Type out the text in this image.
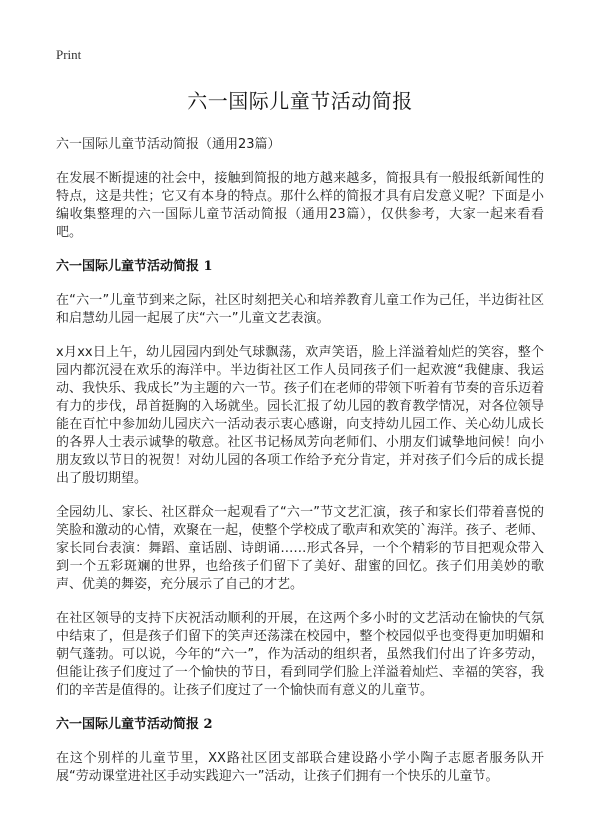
Print
六一国际儿童节活动简报
六一国际儿童节活动简报（通用23篇）

在发展不断提速的社会中，接触到简报的地方越来越多，简报具有一般报纸新闻性的特点，这是共性；它又有本身的特点。那什么样的简报才具有启发意义呢？下面是小编收集整理的六一国际儿童节活动简报（通用23篇），仅供参考，大家一起来看看吧。

六一国际儿童节活动简报 1

在“六一”儿童节到来之际，社区时刻把关心和培养教育儿童工作为己任，半边街社区和启慧幼儿园一起展了庆“六一”儿童文艺表演。

x月xx日上午，幼儿园园内到处气球飘荡，欢声笑语，脸上洋溢着灿烂的笑容，整个园内都沉浸在欢乐的海洋中。半边街社区工作人员同孩子们一起欢渡“我健康、我运动、我快乐、我成长”为主题的六一节。孩子们在老师的带领下听着有节奏的音乐迈着有力的步伐，昂首挺胸的入场就坐。园长汇报了幼儿园的教育教学情况，对各位领导能在百忙中参加幼儿园庆六一活动表示衷心感谢，向支持幼儿园工作、关心幼儿成长的各界人士表示诚挚的敬意。社区书记杨凤芳向老师们、小朋友们诚挚地问候！向小朋友致以节日的祝贺！对幼儿园的各项工作给予充分肯定，并对孩子们今后的成长提出了殷切期望。

全园幼儿、家长、社区群众一起观看了“六一”节文艺汇演，孩子和家长们带着喜悦的笑脸和激动的心情，欢聚在一起，使整个学校成了歌声和欢笑的`海洋。孩子、老师、家长同台表演：舞蹈、童话剧、诗朗诵……形式各异，一个个精彩的节目把观众带入到一个五彩斑斓的世界，也给孩子们留下了美好、甜蜜的回忆。孩子们用美妙的歌声、优美的舞姿，充分展示了自己的才艺。

在社区领导的支持下庆祝活动顺利的开展，在这两个多小时的文艺活动在愉快的气氛中结束了，但是孩子们留下的笑声还荡漾在校园中，整个校园似乎也变得更加明媚和朝气蓬勃。可以说，今年的“六一”，作为活动的组织者，虽然我们付出了许多劳动，但能让孩子们度过了一个愉快的节日，看到同学们脸上洋溢着灿烂、幸福的笑容，我们的辛苦是值得的。让孩子们度过了一个愉快而有意义的儿童节。

六一国际儿童节活动简报 2

在这个别样的儿童节里，XX路社区团支部联合建设路小学小陶子志愿者服务队开展“劳动课堂进社区手动实践迎六一”活动，让孩子们拥有一个快乐的儿童节。
